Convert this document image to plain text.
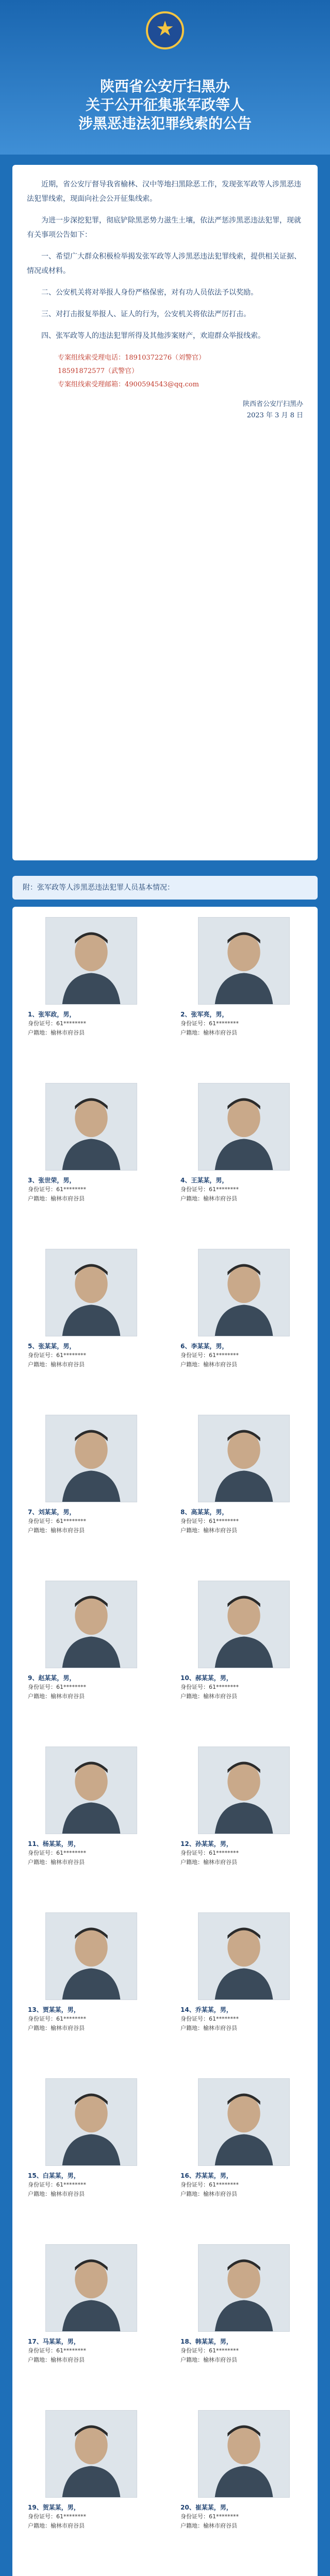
★
陕西省公安厅扫黑办
关于公开征集张军政等人
涉黑恶违法犯罪线索的公告

近期，省公安厅督导我省榆林、汉中等地扫黑除恶工作，发现张军政等人涉黑恶违法犯罪线索，现面向社会公开征集线索。

为进一步深挖犯罪，彻底铲除黑恶势力滋生土壤，依法严惩涉黑恶违法犯罪，现就有关事项公告如下：

一、希望广大群众积极检举揭发张军政等人涉黑恶违法犯罪线索，提供相关证据、情况或材料。

二、公安机关将对举报人身份严格保密，对有功人员依法予以奖励。

三、对打击报复举报人、证人的行为，公安机关将依法严厉打击。

四、张军政等人的违法犯罪所得及其他涉案财产，欢迎群众举报线索。

专案组线索受理电话：18910372276（刘警官）
18591872577（武警官）
专案组线索受理邮箱：4900594543@qq.com
陕西省公安厅扫黑办
2023 年 3 月 8 日
附：张军政等人涉黑恶违法犯罪人员基本情况：
1、张军政，男，
身份证号：61********
户籍地：榆林市府谷县
2、张军亮，男，
身份证号：61********
户籍地：榆林市府谷县
3、张世荣，男，
身份证号：61********
户籍地：榆林市府谷县
4、王某某，男，
身份证号：61********
户籍地：榆林市府谷县
5、张某某，男，
身份证号：61********
户籍地：榆林市府谷县
6、李某某，男，
身份证号：61********
户籍地：榆林市府谷县
7、刘某某，男，
身份证号：61********
户籍地：榆林市府谷县
8、高某某，男，
身份证号：61********
户籍地：榆林市府谷县
9、赵某某，男，
身份证号：61********
户籍地：榆林市府谷县
10、郝某某，男，
身份证号：61********
户籍地：榆林市府谷县
11、杨某某，男，
身份证号：61********
户籍地：榆林市府谷县
12、孙某某，男，
身份证号：61********
户籍地：榆林市府谷县
13、贾某某，男，
身份证号：61********
户籍地：榆林市府谷县
14、乔某某，男，
身份证号：61********
户籍地：榆林市府谷县
15、白某某，男，
身份证号：61********
户籍地：榆林市府谷县
16、苏某某，男，
身份证号：61********
户籍地：榆林市府谷县
17、马某某，男，
身份证号：61********
户籍地：榆林市府谷县
18、韩某某，男，
身份证号：61********
户籍地：榆林市府谷县
19、贺某某，男，
身份证号：61********
户籍地：榆林市府谷县
20、崔某某，男，
身份证号：61********
户籍地：榆林市府谷县
